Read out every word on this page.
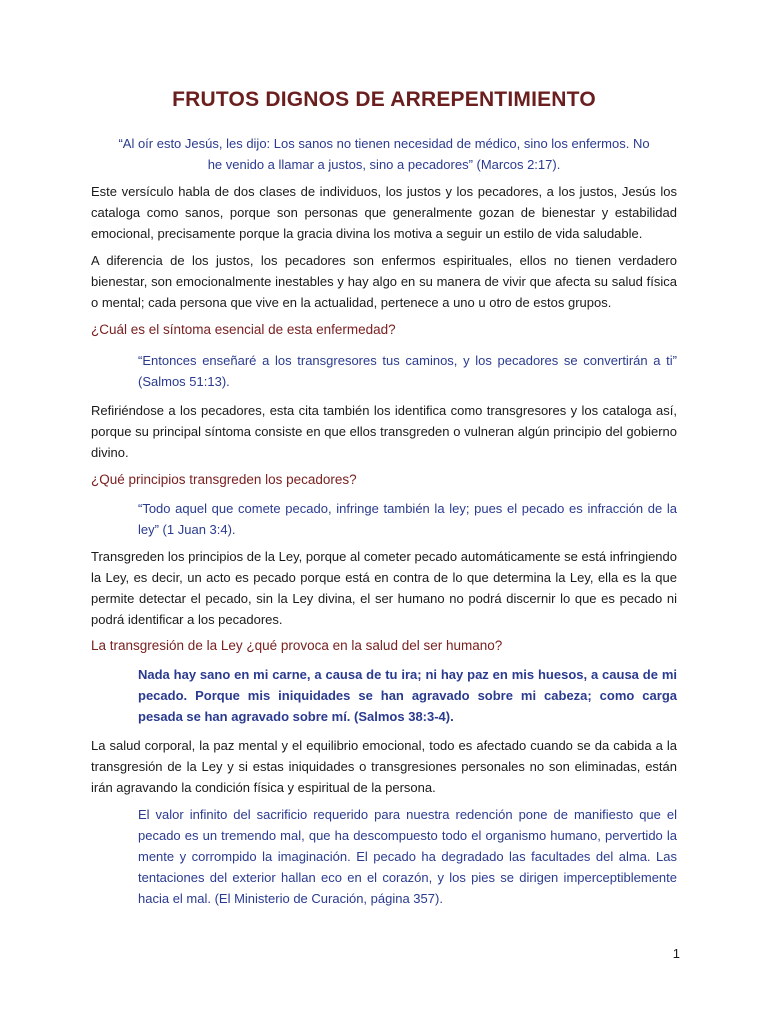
FRUTOS DIGNOS DE ARREPENTIMIENTO

“Al oír esto Jesús, les dijo: Los sanos no tienen necesidad de médico, sino los enfermos. No he venido a llamar a justos, sino a pecadores” (Marcos 2:17).

Este versículo habla de dos clases de individuos, los justos y los pecadores, a los justos, Jesús los cataloga como sanos, porque son personas que generalmente gozan de bienestar y estabilidad emocional, precisamente porque la gracia divina los motiva a seguir un estilo de vida saludable.

A diferencia de los justos, los pecadores son enfermos espirituales, ellos no tienen verdadero bienestar, son emocionalmente inestables y hay algo en su manera de vivir que afecta su salud física o mental; cada persona que vive en la actualidad, pertenece a uno u otro de estos grupos.

¿Cuál es el síntoma esencial de esta enfermedad?

“Entonces enseñaré a los transgresores tus caminos, y los pecadores se convertirán a ti” (Salmos 51:13).

Refiriéndose a los pecadores, esta cita también los identifica como transgresores y los cataloga así, porque su principal síntoma consiste en que ellos transgreden o vulneran algún principio del gobierno divino.

¿Qué principios transgreden los pecadores?

“Todo aquel que comete pecado, infringe también la ley; pues el pecado es infracción de la ley” (1 Juan 3:4).

Transgreden los principios de la Ley, porque al cometer pecado automáticamente se está infringiendo la Ley, es decir, un acto es pecado porque está en contra de lo que determina la Ley, ella es la que permite detectar el pecado, sin la Ley divina, el ser humano no podrá discernir lo que es pecado ni podrá identificar a los pecadores.

La transgresión de la Ley ¿qué provoca en la salud del ser humano?

Nada hay sano en mi carne, a causa de tu ira; ni hay paz en mis huesos, a causa de mi pecado. Porque mis iniquidades se han agravado sobre mi cabeza; como carga pesada se han agravado sobre mí. (Salmos 38:3-4).

La salud corporal, la paz mental y el equilibrio emocional, todo es afectado cuando se da cabida a la transgresión de la Ley y si estas iniquidades o transgresiones personales no son eliminadas, están irán agravando la condición física y espiritual de la persona.

El valor infinito del sacrificio requerido para nuestra redención pone de manifiesto que el pecado es un tremendo mal, que ha descompuesto todo el organismo humano, pervertido la mente y corrompido la imaginación. El pecado ha degradado las facultades del alma. Las tentaciones del exterior hallan eco en el corazón, y los pies se dirigen imperceptiblemente hacia el mal. (El Ministerio de Curación, página 357).

1
